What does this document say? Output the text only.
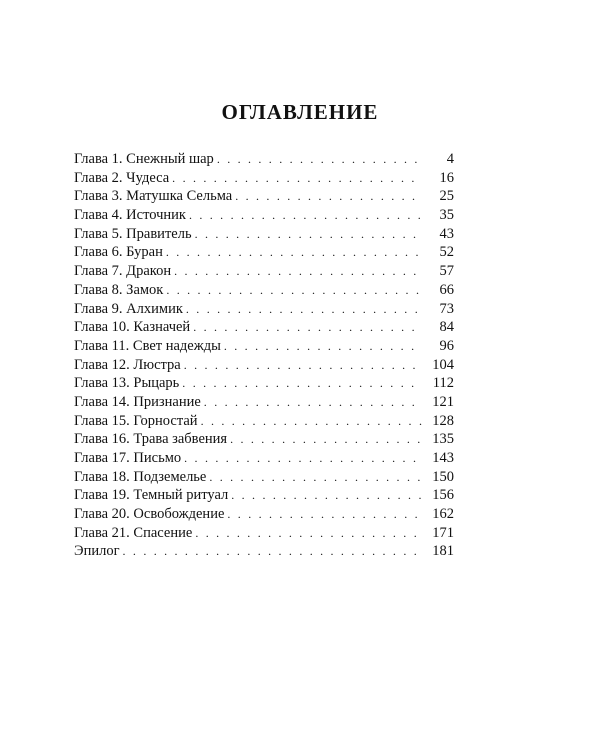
ОГЛАВЛЕНИЕ
Глава 1. Снежный шар . . .	4
Глава 2. Чудеса . . .	16
Глава 3. Матушка Сельма . . .	25
Глава 4. Источник . . .	35
Глава 5. Правитель . . .	43
Глава 6. Буран . . .	52
Глава 7. Дракон . . .	57
Глава 8. Замок . . .	66
Глава 9. Алхимик . . .	73
Глава 10. Казначей . . .	84
Глава 11. Свет надежды . . .	96
Глава 12. Люстра . . .	104
Глава 13. Рыцарь . . .	112
Глава 14. Признание . . .	121
Глава 15. Горностай . . .	128
Глава 16. Трава забвения . . .	135
Глава 17. Письмо . . .	143
Глава 18. Подземелье . . .	150
Глава 19. Темный ритуал . . .	156
Глава 20. Освобождение . . .	162
Глава 21. Спасение . . .	171
Эпилог . . .	181
